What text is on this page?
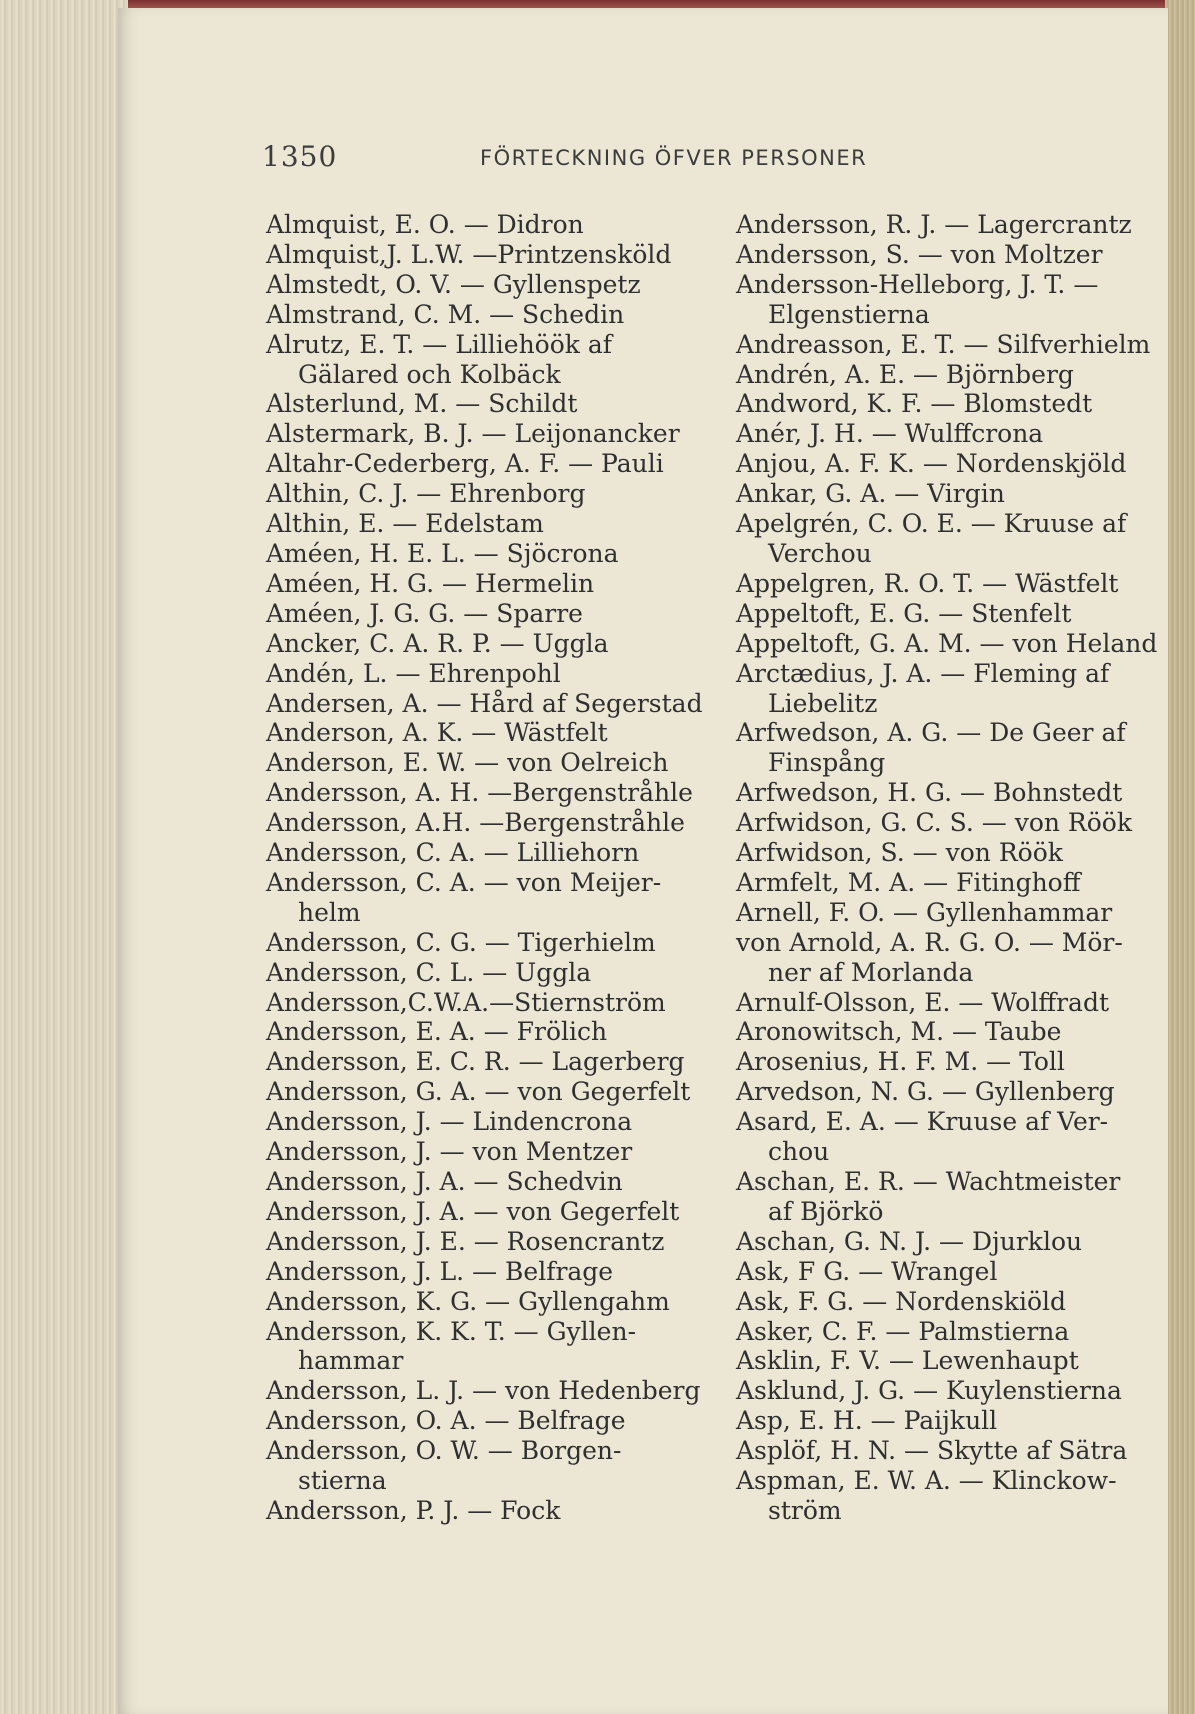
1350	FÖRTECKNING ÖFVER PERSONER
Almquist, E. O. — Didron
Almquist,J. L.W. —Printzensköld
Almstedt, O. V. — Gyllenspetz
Almstrand, C. M. — Schedin
Alrutz, E. T. — Lilliehöök af
Gälared och Kolbäck
Alsterlund, M. — Schildt
Alstermark, B. J. — Leijonancker
Altahr-Cederberg, A. F. — Pauli
Althin, C. J. — Ehrenborg
Althin, E. — Edelstam
Améen, H. E. L. — Sjöcrona
Améen, H. G. — Hermelin
Améen, J. G. G. — Sparre
Ancker, C. A. R. P. — Uggla
Andén, L. — Ehrenpohl
Andersen, A. — Hård af Segerstad
Anderson, A. K. — Wästfelt
Anderson, E. W. — von Oelreich
Andersson, A. H. —Bergenstråhle
Andersson, A.H. —Bergenstråhle
Andersson, C. A. — Lilliehorn
Andersson, C. A. — von Meijer-
helm
Andersson, C. G. — Tigerhielm
Andersson, C. L. — Uggla
Andersson,C.W.A.—Stiernström
Andersson, E. A. — Frölich
Andersson, E. C. R. — Lagerberg
Andersson, G. A. — von Gegerfelt
Andersson, J. — Lindencrona
Andersson, J. — von Mentzer
Andersson, J. A. — Schedvin
Andersson, J. A. — von Gegerfelt
Andersson, J. E. — Rosencrantz
Andersson, J. L. — Belfrage
Andersson, K. G. — Gyllengahm
Andersson, K. K. T. — Gyllen-
hammar
Andersson, L. J. — von Hedenberg
Andersson, O. A. — Belfrage
Andersson, O. W. — Borgen-
stierna
Andersson, P. J. — Fock
Andersson, R. J. — Lagercrantz
Andersson, S. — von Moltzer
Andersson-Helleborg, J. T. —
Elgenstierna
Andreasson, E. T. — Silfverhielm
Andrén, A. E. — Björnberg
Andword, K. F. — Blomstedt
Anér, J. H. — Wulffcrona
Anjou, A. F. K. — Nordenskjöld
Ankar, G. A. — Virgin
Apelgrén, C. O. E. — Kruuse af
Verchou
Appelgren, R. O. T. — Wästfelt
Appeltoft, E. G. — Stenfelt
Appeltoft, G. A. M. — von Heland
Arctædius, J. A. — Fleming af
Liebelitz
Arfwedson, A. G. — De Geer af
Finspång
Arfwedson, H. G. — Bohnstedt
Arfwidson, G. C. S. — von Röök
Arfwidson, S. — von Röök
Armfelt, M. A. — Fitinghoff
Arnell, F. O. — Gyllenhammar
von Arnold, A. R. G. O. — Mör-
ner af Morlanda
Arnulf-Olsson, E. — Wolffradt
Aronowitsch, M. — Taube
Arosenius, H. F. M. — Toll
Arvedson, N. G. — Gyllenberg
Asard, E. A. — Kruuse af Ver-
chou
Aschan, E. R. — Wachtmeister
af Björkö
Aschan, G. N. J. — Djurklou
Ask, F G. — Wrangel
Ask, F. G. — Nordenskiöld
Asker, C. F. — Palmstierna
Asklin, F. V. — Lewenhaupt
Asklund, J. G. — Kuylenstierna
Asp, E. H. — Paijkull
Asplöf, H. N. — Skytte af Sätra
Aspman, E. W. A. — Klinckow-
ström
